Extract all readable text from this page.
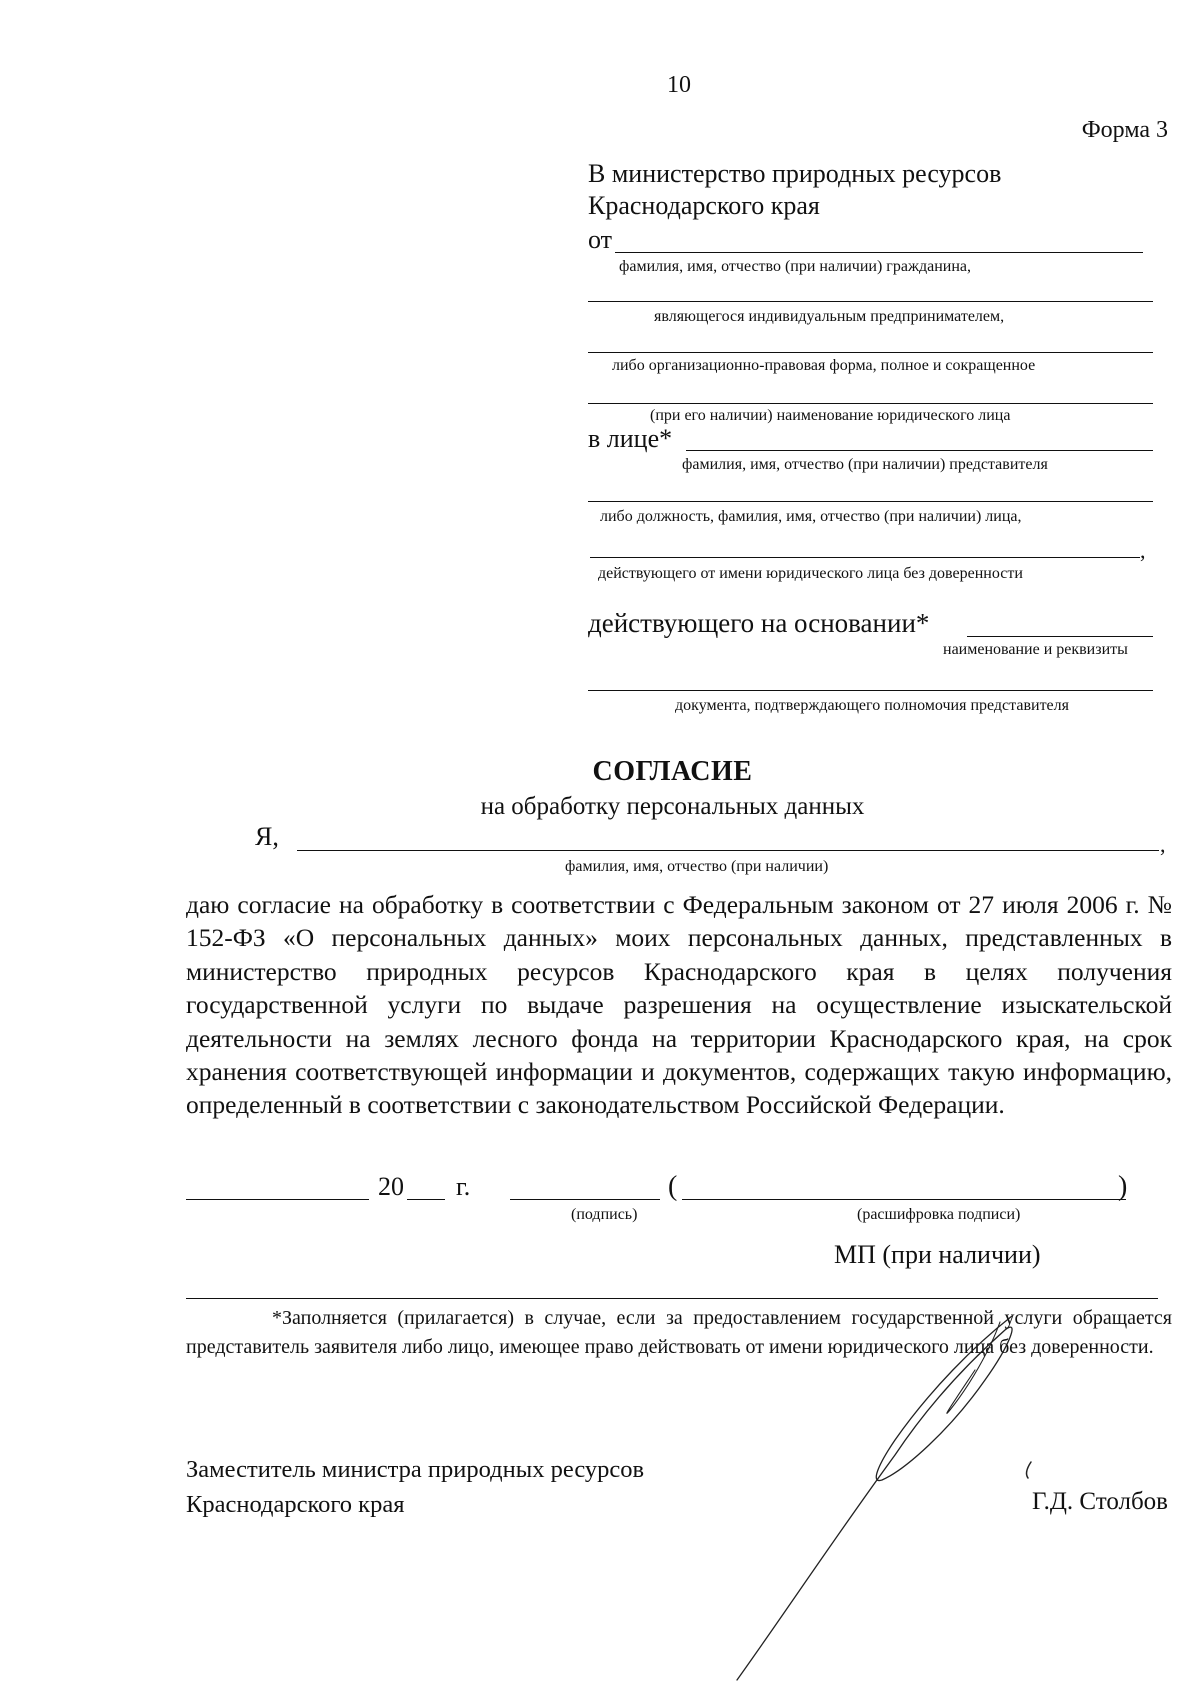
10
Форма 3
В министерство природных ресурсов
Краснодарского края
от
фамилия, имя, отчество (при наличии) гражданина,
являющегося индивидуальным предпринимателем,
либо организационно-правовая форма, полное и сокращенное
(при его наличии) наименование юридического лица
в лице*
фамилия, имя, отчество (при наличии) представителя
либо должность, фамилия, имя, отчество (при наличии) лица,
,
действующего от имени юридического лица без доверенности
действующего на основании*
наименование и реквизиты
документа, подтверждающего полномочия представителя
СОГЛАСИЕ
на обработку персональных данных
Я,	,
фамилия, имя, отчество (при наличии)
даю согласие на обработку в соответствии с Федеральным законом от 27 июля 2006 г. № 152-ФЗ «О персональных данных» моих персональных данных, представленных в министерство природных ресурсов Краснодарского края в целях получения государственной услуги по выдаче разрешения на осуществление изыскательской деятельности на землях лесного фонда на территории Краснодарского края, на срок хранения соответствующей информации и документов, содержащих такую информацию, определенный в соответствии с законодательством Российской Федерации.
20 г.	(	)
(подпись)	(расшифровка подписи)
МП (при наличии)
*Заполняется (прилагается) в случае, если за предоставлением государственной услуги обращается представитель заявителя либо лицо, имеющее право действовать от имени юридического лица без доверенности.
Заместитель министра природных ресурсов Краснодарского края	Г.Д. Столбов
